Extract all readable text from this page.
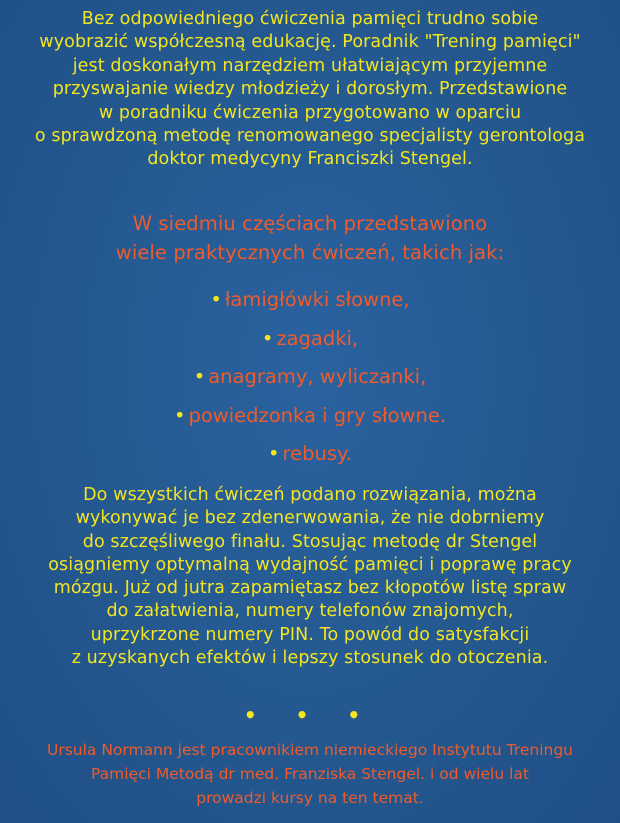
Bez odpowiedniego ćwiczenia pamięci trudno sobie
wyobrazić współczesną edukację. Poradnik "Trening pamięci"
jest doskonałym narzędziem ułatwiającym przyjemne
przyswajanie wiedzy młodzieży i dorosłym. Przedstawione
w poradniku ćwiczenia przygotowano w oparciu
o sprawdzoną metodę renomowanego specjalisty gerontologa
doktor medycyny Franciszki Stengel.

W siedmiu częściach przedstawiono
wiele praktycznych ćwiczeń, takich jak:

• łamigłówki słowne,
• zagadki,
• anagramy, wyliczanki,
• powiedzonka i gry słowne.
• rebusy.

Do wszystkich ćwiczeń podano rozwiązania, można
wykonywać je bez zdenerwowania, że nie dobrniemy
do szczęśliwego finału. Stosując metodę dr Stengel
osiągniemy optymalną wydajność pamięci i poprawę pracy
mózgu. Już od jutra zapamiętasz bez kłopotów listę spraw
do załatwienia, numery telefonów znajomych,
uprzykrzone numery PIN. To powód do satysfakcji
z uzyskanych efektów i lepszy stosunek do otoczenia.

• • •

Ursula Normann jest pracownikiem niemieckiego Instytutu Treningu
Pamięci Metodą dr med. Franziska Stengel. i od wielu lat
prowadzi kursy na ten temat.
